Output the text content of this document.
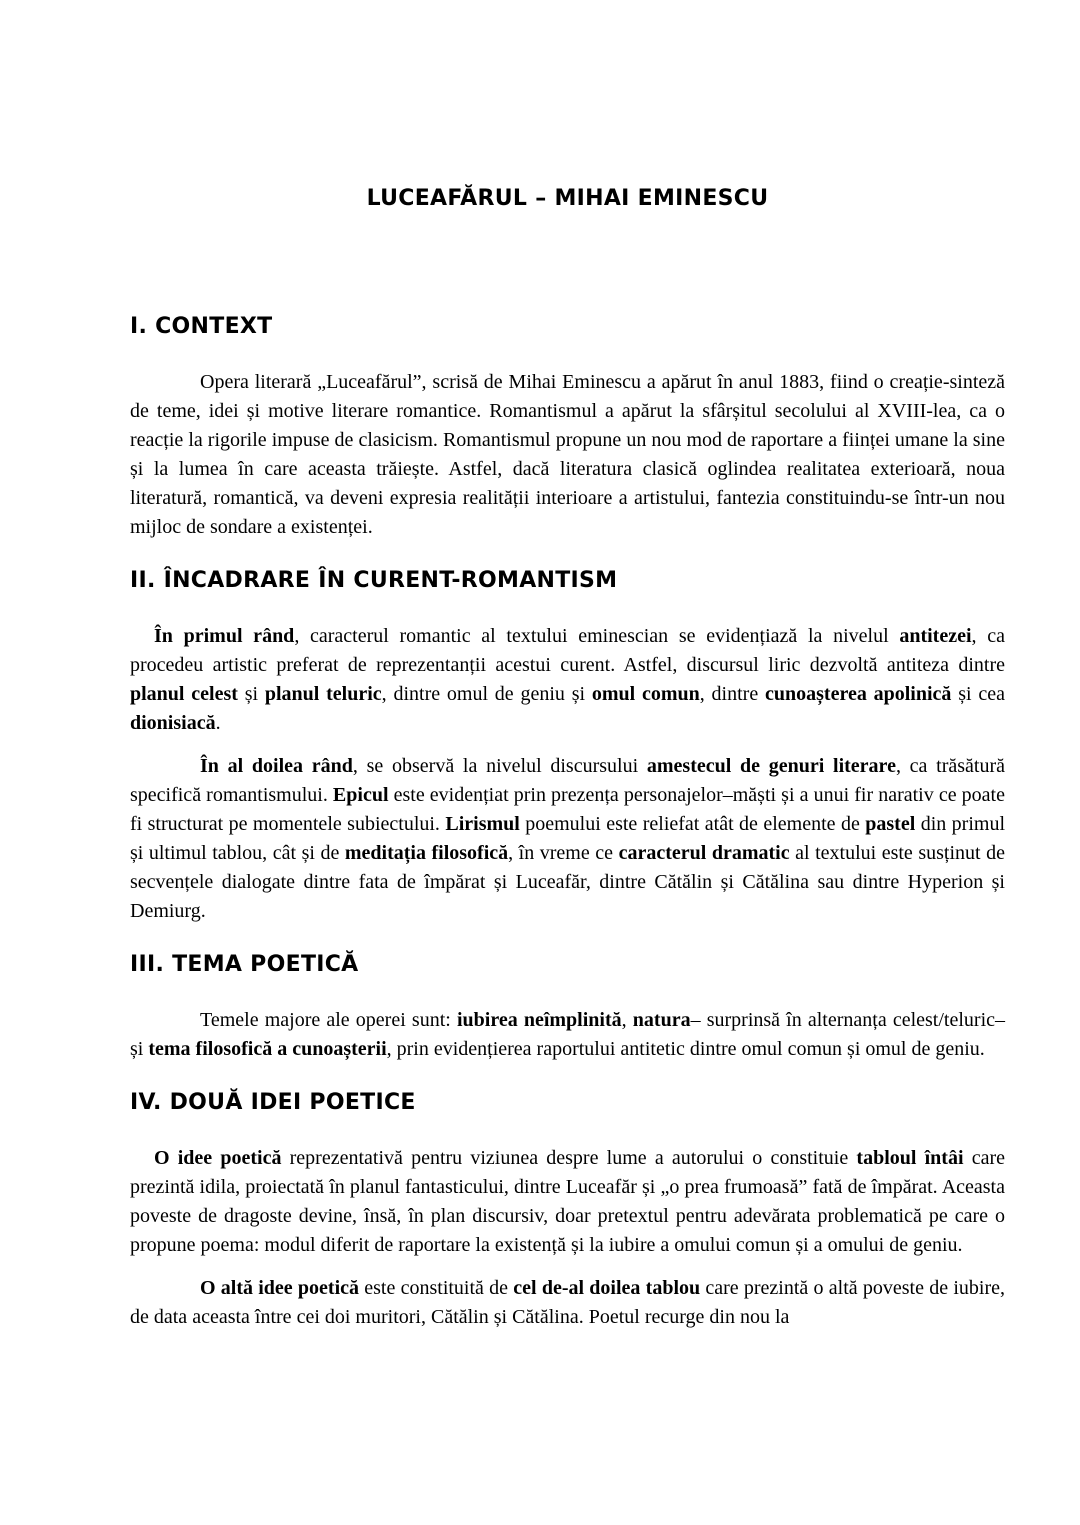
LUCEAFĂRUL – MIHAI EMINESCU
I. CONTEXT

Opera literară „Luceafărul”, scrisă de Mihai Eminescu a apărut în anul 1883, fiind o creație-sinteză de teme, idei și motive literare romantice. Romantismul a apărut la sfârșitul secolului al XVIII-lea, ca o reacție la rigorile impuse de clasicism. Romantismul propune un nou mod de raportare a ființei umane la sine și la lumea în care aceasta trăiește. Astfel, dacă literatura clasică oglindea realitatea exterioară, noua literatură, romantică, va deveni expresia realității interioare a artistului, fantezia constituindu-se într-un nou mijloc de sondare a existenței.

II. ÎNCADRARE ÎN CURENT-ROMANTISM

În primul rând, caracterul romantic al textului eminescian se evidențiază la nivelul antitezei, ca procedeu artistic preferat de reprezentanții acestui curent. Astfel, discursul liric dezvoltă antiteza dintre planul celest și planul teluric, dintre omul de geniu și omul comun, dintre cunoașterea apolinică și cea dionisiacă.

În al doilea rând, se observă la nivelul discursului amestecul de genuri literare, ca trăsătură specifică romantismului. Epicul este evidențiat prin prezența personajelor–măști și a unui fir narativ ce poate fi structurat pe momentele subiectului. Lirismul poemului este reliefat atât de elemente de pastel din primul și ultimul tablou, cât și de meditația filosofică, în vreme ce caracterul dramatic al textului este susținut de secvențele dialogate dintre fata de împărat și Luceafăr, dintre Cătălin și Cătălina sau dintre Hyperion și Demiurg.

III. TEMA POETICĂ

Temele majore ale operei sunt: iubirea neîmplinită, natura– surprinsă în alternanța celest/teluric– și tema filosofică a cunoașterii, prin evidențierea raportului antitetic dintre omul comun și omul de geniu.

IV. DOUĂ IDEI POETICE

O idee poetică reprezentativă pentru viziunea despre lume a autorului o constituie tabloul întâi care prezintă idila, proiectată în planul fantasticului, dintre Luceafăr și „o prea frumoasă” fată de împărat. Aceasta poveste de dragoste devine, însă, în plan discursiv, doar pretextul pentru adevărata problematică pe care o propune poema: modul diferit de raportare la existență și la iubire a omului comun și a omului de geniu.

O altă idee poetică este constituită de cel de-al doilea tablou care prezintă o altă poveste de iubire, de data aceasta între cei doi muritori, Cătălin și Cătălina. Poetul recurge din nou la
